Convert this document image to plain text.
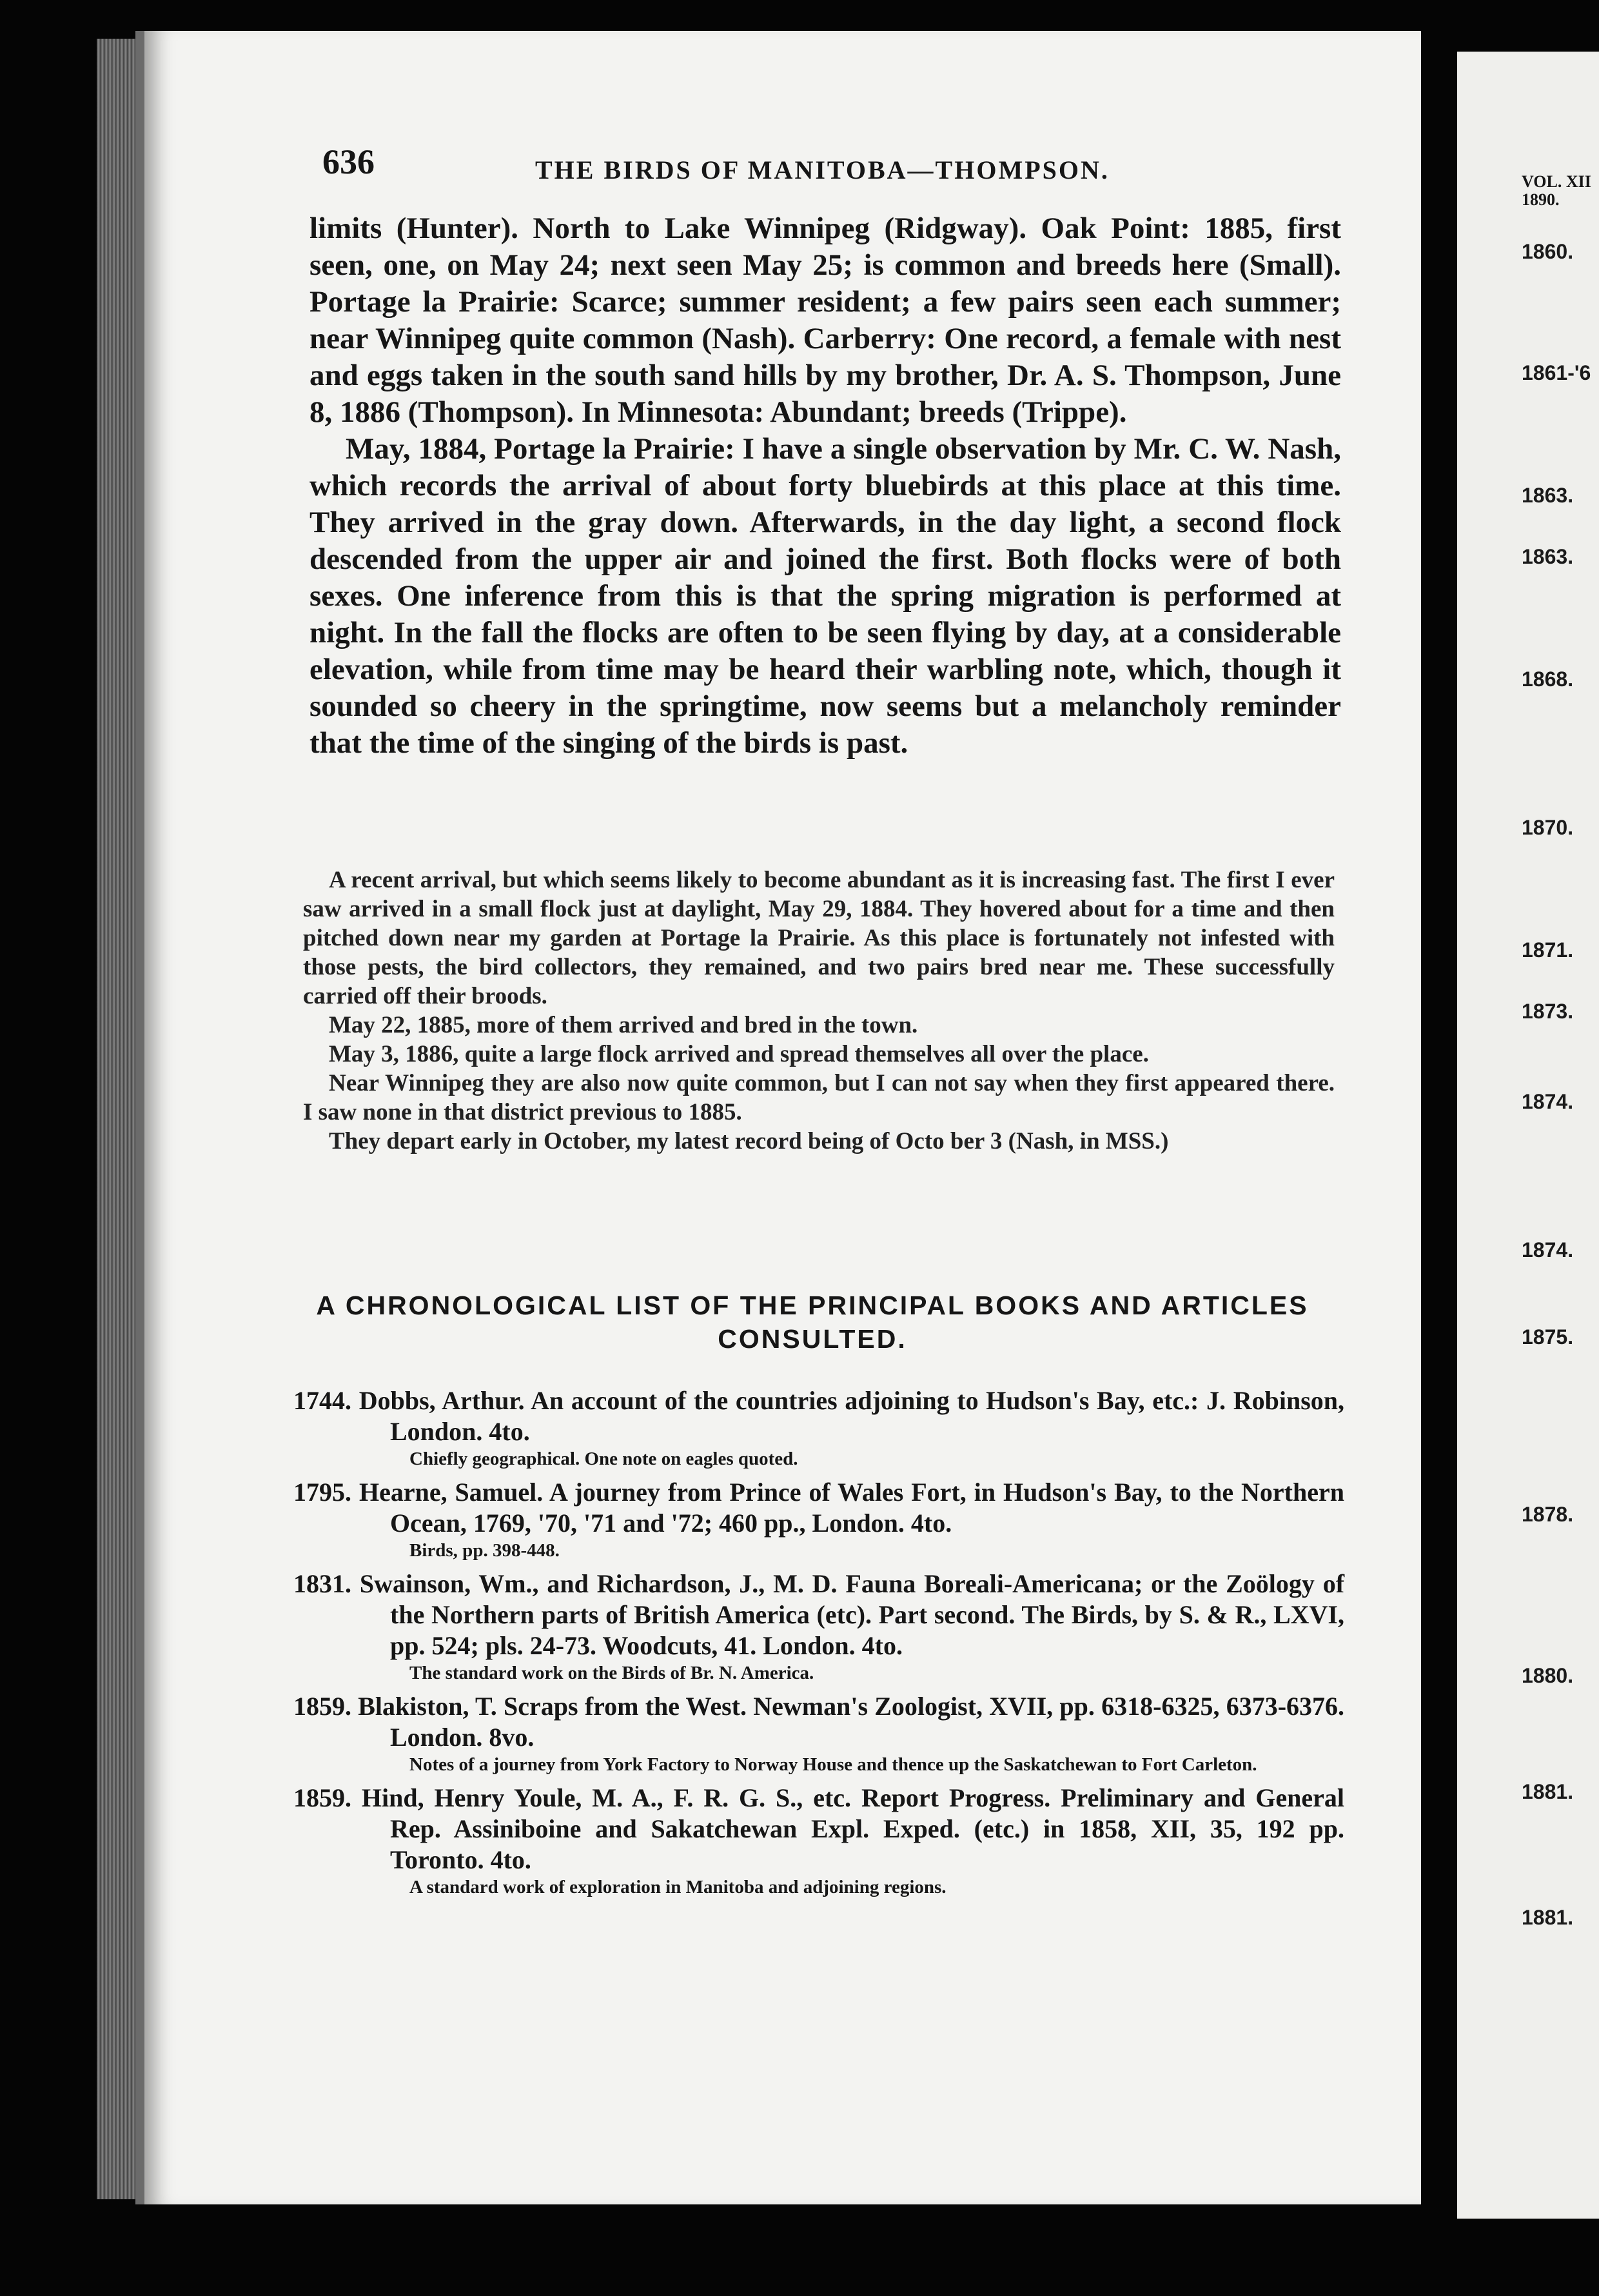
636	THE BIRDS OF MANITOBA—THOMPSON.

limits (Hunter). North to Lake Winnipeg (Ridgway). Oak Point: 1885, first seen, one, on May 24; next seen May 25; is common and breeds here (Small). Portage la Prairie: Scarce; summer resident; a few pairs seen each summer; near Winnipeg quite common (Nash). Carberry: One record, a female with nest and eggs taken in the south sand hills by my brother, Dr. A. S. Thompson, June 8, 1886 (Thompson). In Minnesota: Abundant; breeds (Trippe).

May, 1884, Portage la Prairie: I have a single observation by Mr. C. W. Nash, which records the arrival of about forty bluebirds at this place at this time. They arrived in the gray down. Afterwards, in the day light, a second flock descended from the upper air and joined the first. Both flocks were of both sexes. One inference from this is that the spring migration is performed at night. In the fall the flocks are often to be seen flying by day, at a considerable elevation, while from time may be heard their warbling note, which, though it sounded so cheery in the springtime, now seems but a melancholy reminder that the time of the singing of the birds is past.

A recent arrival, but which seems likely to become abundant as it is increasing fast. The first I ever saw arrived in a small flock just at daylight, May 29, 1884. They hovered about for a time and then pitched down near my garden at Portage la Prairie. As this place is fortunately not infested with those pests, the bird collectors, they remained, and two pairs bred near me. These successfully carried off their broods.

May 22, 1885, more of them arrived and bred in the town.

May 3, 1886, quite a large flock arrived and spread themselves all over the place.

Near Winnipeg they are also now quite common, but I can not say when they first appeared there. I saw none in that district previous to 1885.

They depart early in October, my latest record being of Octo ber 3 (Nash, in MSS.)

A CHRONOLOGICAL LIST OF THE PRINCIPAL BOOKS AND ARTICLES CONSULTED.
1744. Dobbs, Arthur. An account of the countries adjoining to Hudson's Bay, etc.: J. Robinson, London. 4to.
Chiefly geographical. One note on eagles quoted.
1795. Hearne, Samuel. A journey from Prince of Wales Fort, in Hudson's Bay, to the Northern Ocean, 1769, '70, '71 and '72; 460 pp., London. 4to.
Birds, pp. 398-448.
1831. Swainson, Wm., and Richardson, J., M. D. Fauna Boreali-Americana; or the Zoölogy of the Northern parts of British America (etc). Part second. The Birds, by S. & R., LXVI, pp. 524; pls. 24-73. Woodcuts, 41. London. 4to.
The standard work on the Birds of Br. N. America.
1859. Blakiston, T. Scraps from the West. Newman's Zoologist, XVII, pp. 6318-6325, 6373-6376. London. 8vo.
Notes of a journey from York Factory to Norway House and thence up the Saskatchewan to Fort Carleton.
1859. Hind, Henry Youle, M. A., F. R. G. S., etc. Report Progress. Preliminary and General Rep. Assiniboine and Sakatchewan Expl. Exped. (etc.) in 1858, XII, 35, 192 pp. Toronto. 4to.
A standard work of exploration in Manitoba and adjoining regions.
VOL. XII
1890.
1860.
1861-'6
1863.
1863.
1868.
1870.
1871.
1873.
1874.
1874.
1875.
1878.
1880.
1881.
1881.
